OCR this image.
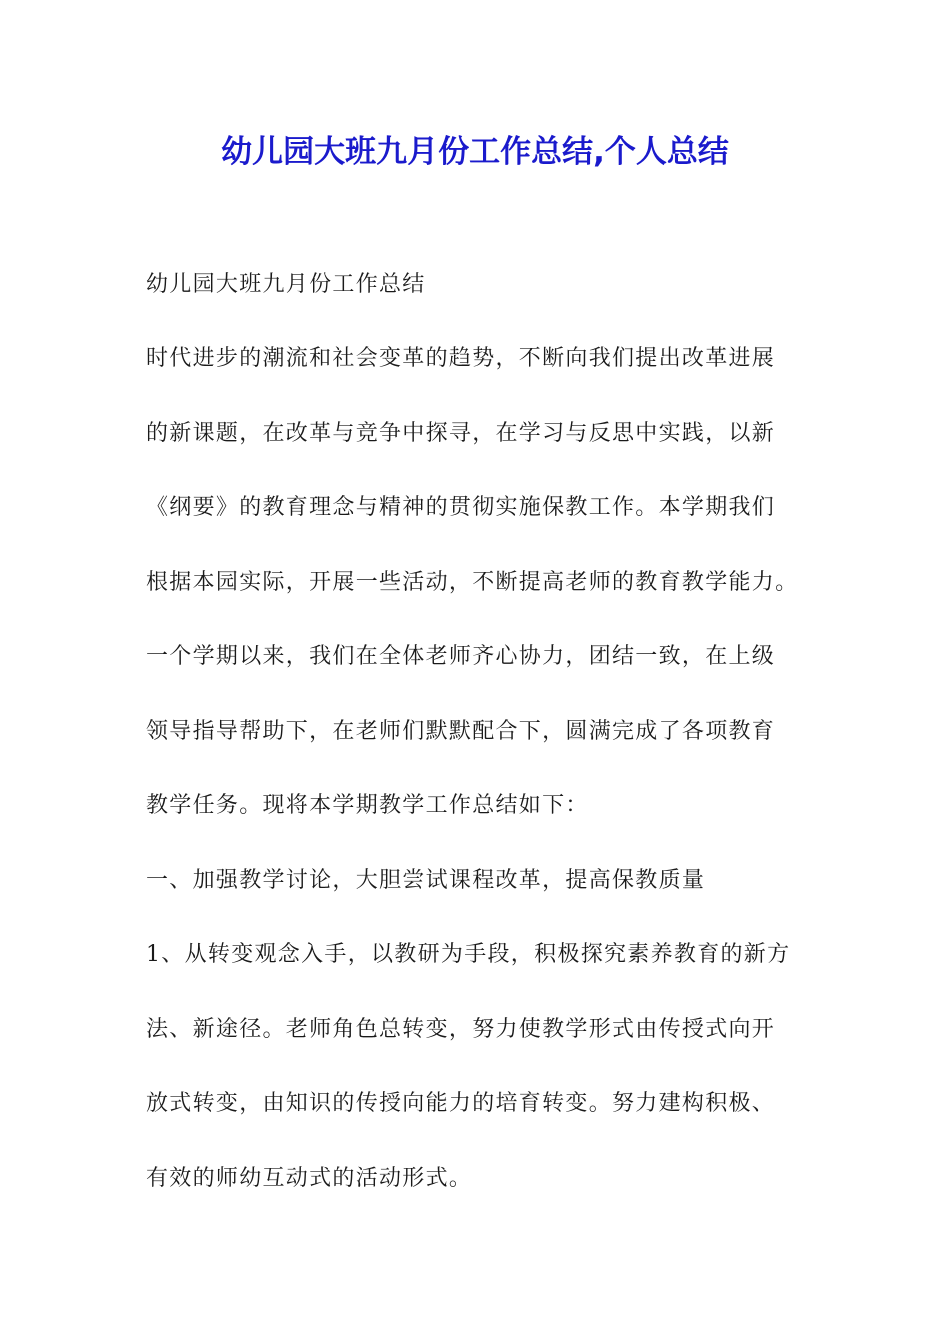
幼儿园大班九月份工作总结,个人总结
幼儿园大班九月份工作总结
时代进步的潮流和社会变革的趋势，不断向我们提出改革进展
的新课题，在改革与竞争中探寻，在学习与反思中实践，以新
《纲要》的教育理念与精神的贯彻实施保教工作。本学期我们
根据本园实际，开展一些活动，不断提高老师的教育教学能力。
一个学期以来，我们在全体老师齐心协力，团结一致，在上级
领导指导帮助下，在老师们默默配合下，圆满完成了各项教育
教学任务。现将本学期教学工作总结如下：
一、加强教学讨论，大胆尝试课程改革，提高保教质量
1、从转变观念入手，以教研为手段，积极探究素养教育的新方
法、新途径。老师角色总转变，努力使教学形式由传授式向开
放式转变，由知识的传授向能力的培育转变。努力建构积极、
有效的师幼互动式的活动形式。
